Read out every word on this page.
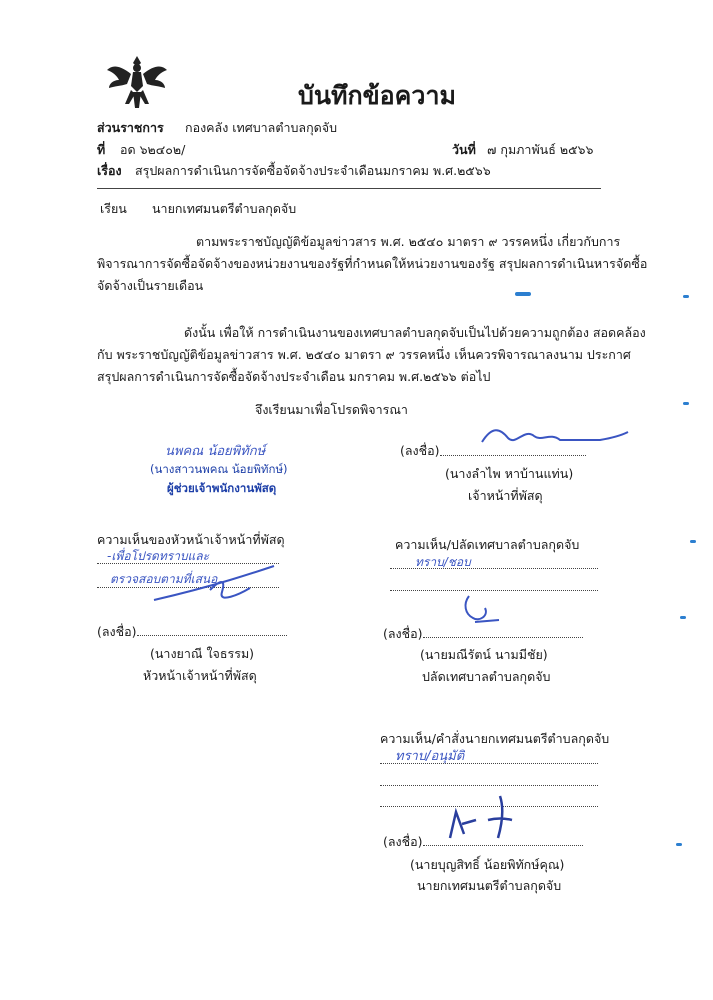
บันทึกข้อความ
ส่วนราชการ กองคลัง เทศบาลตำบลกุดจับ
ที่ อด ๖๒๔๐๒/	วันที่ ๗ กุมภาพันธ์ ๒๕๖๖
เรื่อง สรุปผลการดำเนินการจัดซื้อจัดจ้างประจำเดือนมกราคม พ.ศ.๒๕๖๖
เรียน นายกเทศมนตรีตำบลกุดจับ
ตามพระราชบัญญัติข้อมูลข่าวสาร พ.ศ. ๒๕๔๐ มาตรา ๙ วรรคหนึ่ง เกี่ยวกับการ
พิจารณาการจัดซื้อจัดจ้างของหน่วยงานของรัฐที่กำหนดให้หน่วยงานของรัฐ สรุปผลการดำเนินหารจัดซื้อ
จัดจ้างเป็นรายเดือน
ดังนั้น เพื่อให้ การดำเนินงานของเทศบาลตำบลกุดจับเป็นไปด้วยความถูกต้อง สอดคล้อง
กับ พระราชบัญญัติข้อมูลข่าวสาร พ.ศ. ๒๕๔๐ มาตรา ๙ วรรคหนึ่ง เห็นควรพิจารณาลงนาม ประกาศ
สรุปผลการดำเนินการจัดซื้อจัดจ้างประจำเดือน มกราคม พ.ศ.๒๕๖๖ ต่อไป
จึงเรียนมาเพื่อโปรดพิจารณา
นพคณ น้อยพิทักษ์
(นางสาวนพคณ น้อยพิทักษ์)
ผู้ช่วยเจ้าพนักงานพัสดุ
(ลงชื่อ)
(นางลำไพ หาบ้านแท่น)
เจ้าหน้าที่พัสดุ
ความเห็นของหัวหน้าเจ้าหน้าที่พัสดุ
-เพื่อโปรดทราบและ
ตรวจสอบตามที่เสนอ
(ลงชื่อ)
(นางยาณี ใจธรรม)
หัวหน้าเจ้าหน้าที่พัสดุ
ความเห็น/ปลัดเทศบาลตำบลกุดจับ
ทราบ/ชอบ
(ลงชื่อ)
(นายมณีรัตน์ นามมีชัย)
ปลัดเทศบาลตำบลกุดจับ
ความเห็น/คำสั่งนายกเทศมนตรีตำบลกุดจับ
ทราบ/อนุมัติ
(ลงชื่อ)
(นายบุญสิทธิ์ น้อยพิทักษ์คุณ)
นายกเทศมนตรีตำบลกุดจับ
